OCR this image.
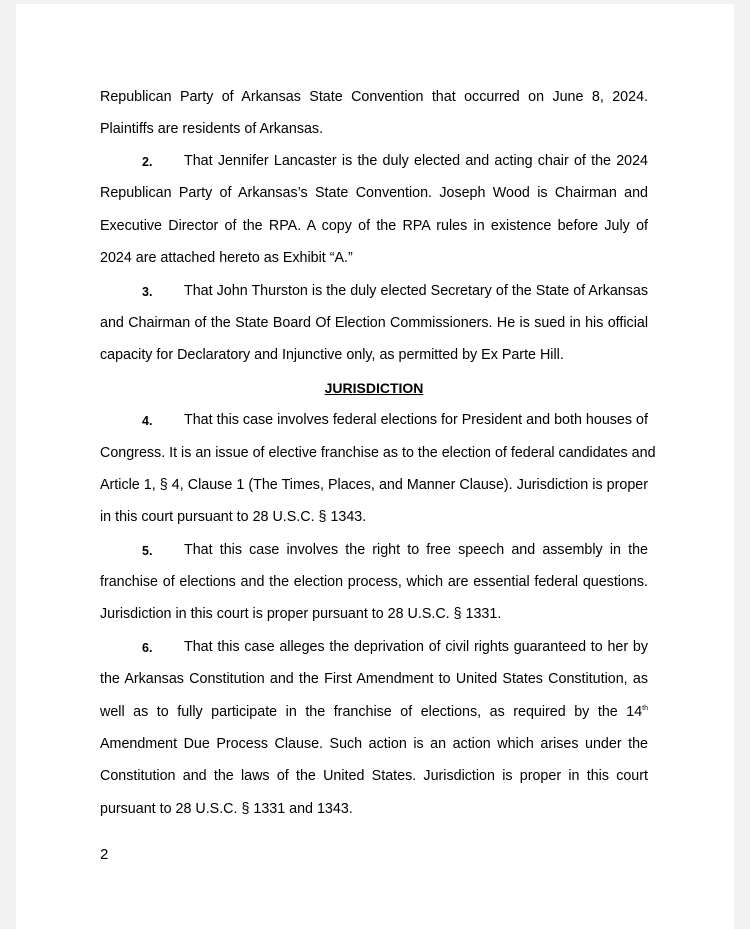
Republican Party of Arkansas State Convention that occurred on June 8, 2024.
Plaintiffs are residents of Arkansas.
2. That Jennifer Lancaster is the duly elected and acting chair of the 2024
Republican Party of Arkansas’s State Convention. Joseph Wood is Chairman and
Executive Director of the RPA. A copy of the RPA rules in existence before July of
2024 are attached hereto as Exhibit “A.”
3. That John Thurston is the duly elected Secretary of the State of Arkansas
and Chairman of the State Board Of Election Commissioners. He is sued in his official
capacity for Declaratory and Injunctive only, as permitted by Ex Parte Hill.
JURISDICTION
4. That this case involves federal elections for President and both houses of
Congress. It is an issue of elective franchise as to the election of federal candidates and
Article 1, § 4, Clause 1 (The Times, Places, and Manner Clause). Jurisdiction is proper
in this court pursuant to 28 U.S.C. § 1343.
5. That this case involves the right to free speech and assembly in the
franchise of elections and the election process, which are essential federal questions.
Jurisdiction in this court is proper pursuant to 28 U.S.C. § 1331.
6. That this case alleges the deprivation of civil rights guaranteed to her by
the Arkansas Constitution and the First Amendment to United States Constitution, as
well as to fully participate in the franchise of elections, as required by the 14th
Amendment Due Process Clause. Such action is an action which arises under the
Constitution and the laws of the United States. Jurisdiction is proper in this court
pursuant to 28 U.S.C. § 1331 and 1343.
2
